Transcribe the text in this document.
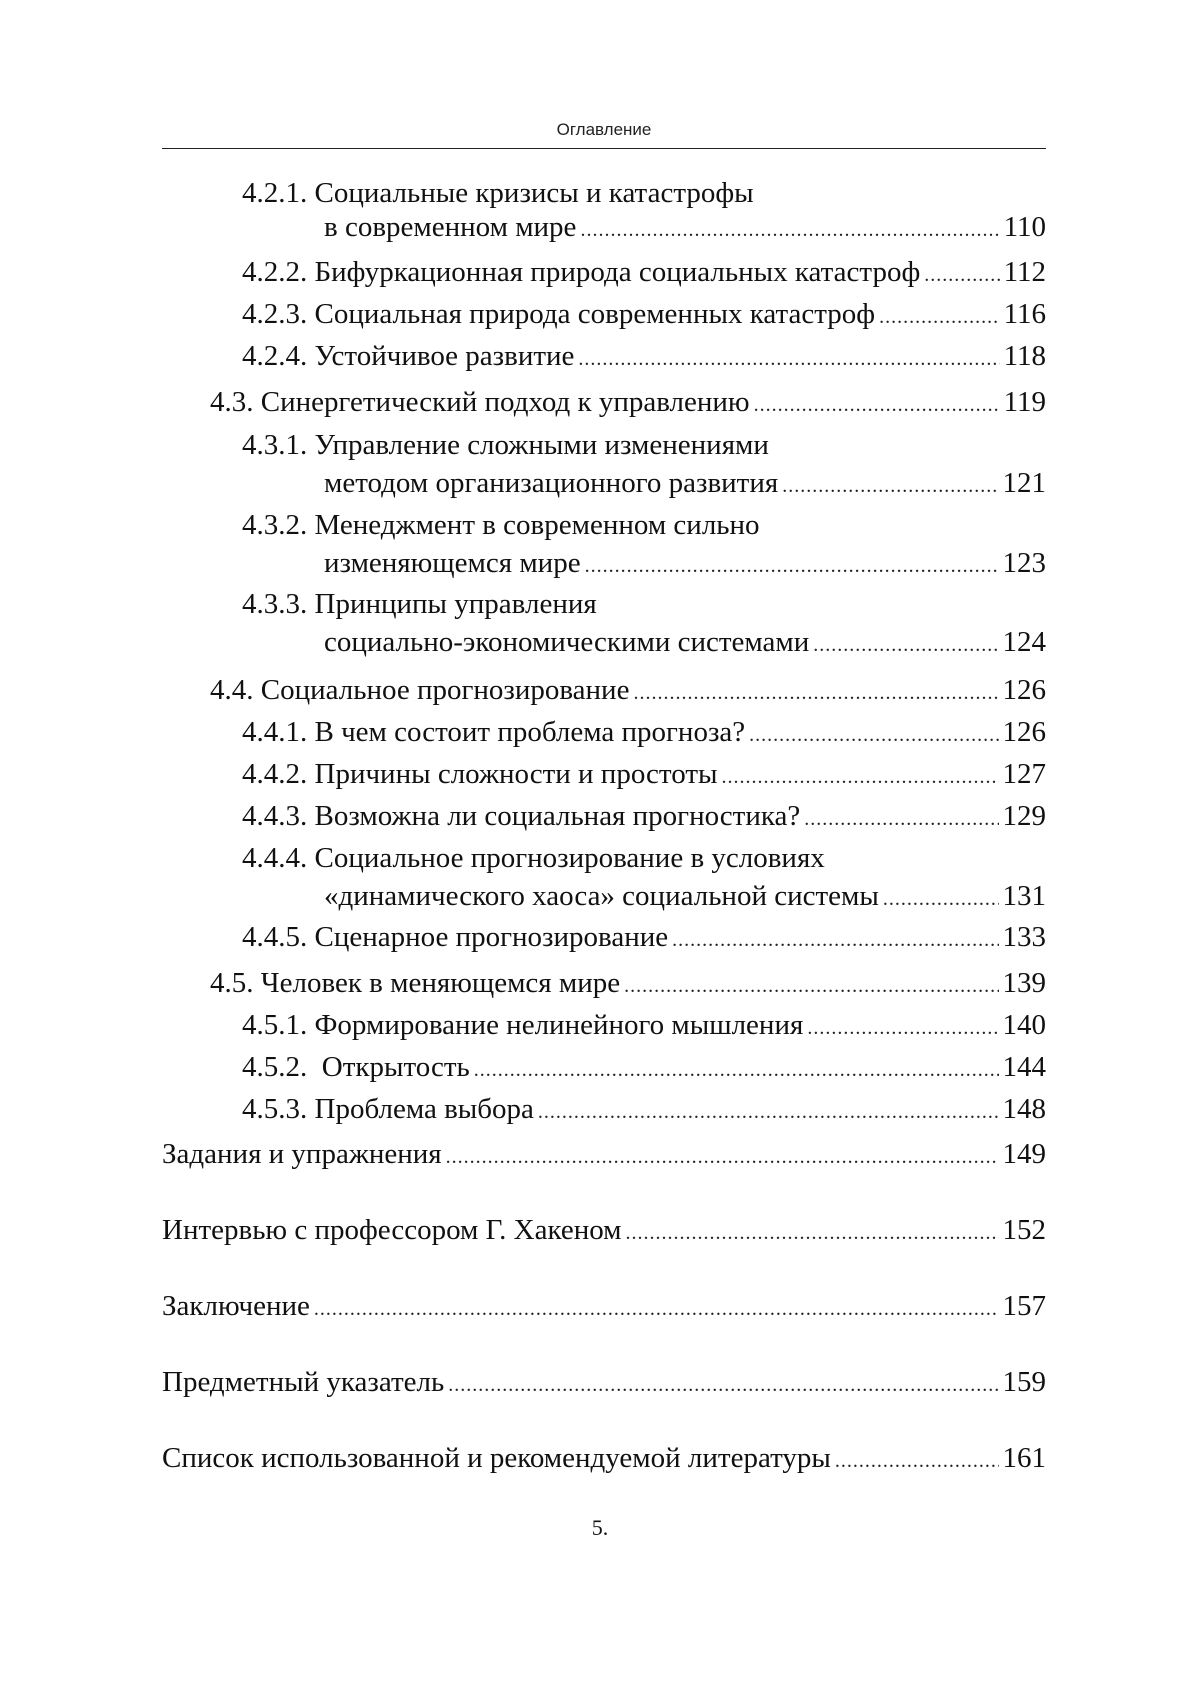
Оглавление
4.2.1. Социальные кризисы и катастрофы
в современном мире
.....	110
4.2.2. Бифуркационная природа социальных катастроф
.....	112
4.2.3. Социальная природа современных катастроф
.....	116
4.2.4. Устойчивое развитие
.....	118
4.3. Синергетический подход к управлению
.....	119
4.3.1. Управление сложными изменениями
методом организационного развития
.....	121
4.3.2. Менеджмент в современном сильно
изменяющемся мире
.....	123
4.3.3. Принципы управления
социально-экономическими системами
.....	124
4.4. Социальное прогнозирование
.....	126
4.4.1. В чем состоит проблема прогноза?
.....	126
4.4.2. Причины сложности и простоты
.....	127
4.4.3. Возможна ли социальная прогностика?
.....	129
4.4.4. Социальное прогнозирование в условиях
«динамического хаоса» социальной системы
.....	131
4.4.5. Сценарное прогнозирование
.....	133
4.5. Человек в меняющемся мире
.....	139
4.5.1. Формирование нелинейного мышления
.....	140
4.5.2.  Открытость
.....	144
4.5.3. Проблема выбора
.....	148
Задания и упражнения
.....	149
Интервью с профессором Г. Хакеном
.....	152
Заключение
.....	157
Предметный указатель
.....	159
Список использованной и рекомендуемой литературы
.....	161
5.
